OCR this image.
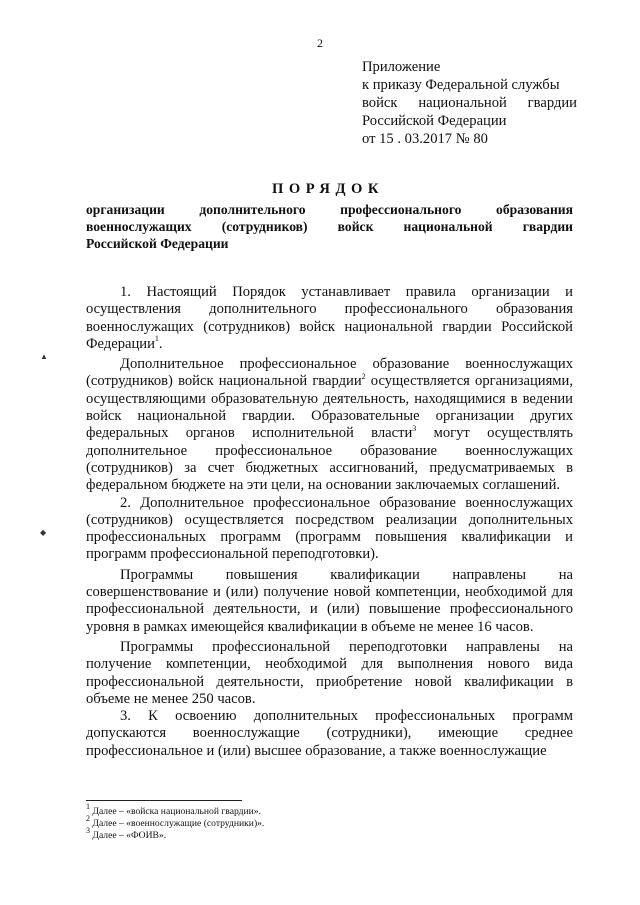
2
Приложение
к приказу Федеральной службы
войск национальной гвардии
Российской Федерации
от 15 . 03.2017 № 80
ПОРЯДОК
организации дополнительного профессионального образования
военнослужащих (сотрудников) войск национальной гвардии
Российской Федерации
▲
◆

1. Настоящий Порядок устанавливает правила организации и осуществления дополнительного профессионального образования военнослужащих (сотрудников) войск национальной гвардии Российской Федерации$^1$.

Дополнительное профессиональное образование военнослужащих (сотрудников) войск национальной гвардии$^2$ осуществляется организациями, осуществляющими образовательную деятельность, находящимися в ведении войск национальной гвардии. Образовательные организации других федеральных органов исполнительной власти$^3$ могут осуществлять дополнительное профессиональное образование военнослужащих (сотрудников) за счет бюджетных ассигнований, предусматриваемых в федеральном бюджете на эти цели, на основании заключаемых соглашений.

2. Дополнительное профессиональное образование военнослужащих (сотрудников) осуществляется посредством реализации дополнительных профессиональных программ (программ повышения квалификации и программ профессиональной переподготовки).

Программы повышения квалификации направлены на совершенствование и (или) получение новой компетенции, необходимой для профессиональной деятельности, и (или) повышение профессионального уровня в рамках имеющейся квалификации в объеме не менее 16 часов.

Программы профессиональной переподготовки направлены на получение компетенции, необходимой для выполнения нового вида профессиональной деятельности, приобретение новой квалификации в объеме не менее 250 часов.

3. К освоению дополнительных профессиональных программ допускаются военнослужащие (сотрудники), имеющие среднее профессиональное и (или) высшее образование, а также военнослужащие

$^1$ Далее – «войска национальной гвардии».
$^2$ Далее – «военнослужащие (сотрудники)».
$^3$ Далее – «ФОИВ».
